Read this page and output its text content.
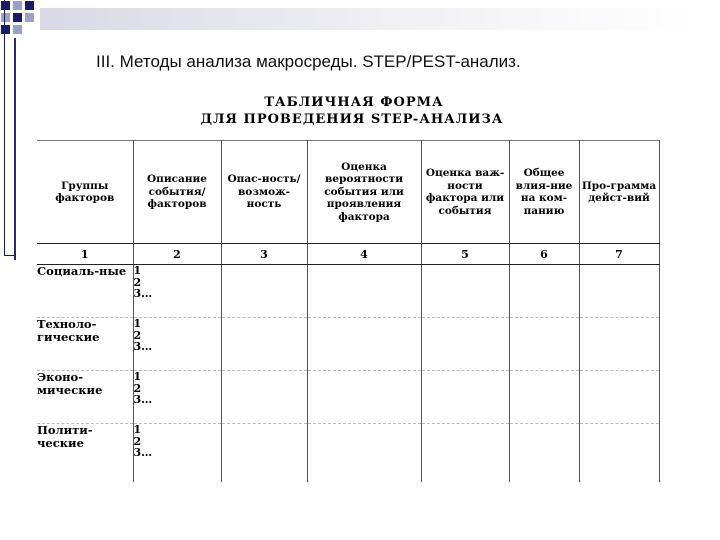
III. Методы анализа макросреды. STEP/PEST-анализ.
ТАБЛИЧНАЯ ФОРМА
ДЛЯ ПРОВЕДЕНИЯ STEP-АНАЛИЗА
Группы факторов	Описание события/ факторов	Опас-ность/ возмож-ность	Оценка вероятности события или проявления фактора	Оценка важ-ности фактора или события	Общее влия-ние на ком-панию	Про-грамма дейст-вий
1	2	3	4	5	6	7

Социаль-ные	1
2
3…					

Техноло-гические	1
2
3…					

Эконо-мические	1
2
3…					

Полити-ческие	1
2
3…					
